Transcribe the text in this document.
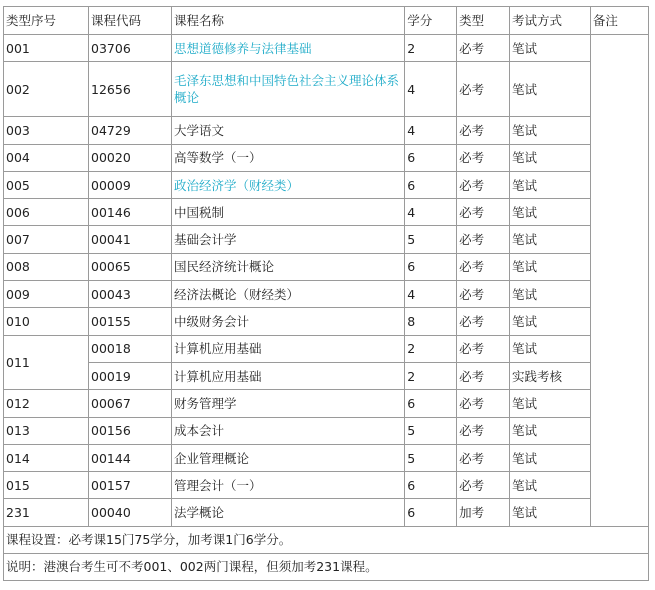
类型序号	课程代码	课程名称	学分	类型	考试方式	备注
001	03706	思想道德修养与法律基础	2	必考	笔试	
002	12656	毛泽东思想和中国特色社会主义理论体系概论	4	必考	笔试	
003	04729	大学语文	4	必考	笔试	
004	00020	高等数学（一）	6	必考	笔试	
005	00009	政治经济学（财经类）	6	必考	笔试	
006	00146	中国税制	4	必考	笔试	
007	00041	基础会计学	5	必考	笔试	
008	00065	国民经济统计概论	6	必考	笔试	
009	00043	经济法概论（财经类）	4	必考	笔试	
010	00155	中级财务会计	8	必考	笔试	
011	00018	计算机应用基础	2	必考	笔试	
	00019	计算机应用基础	2	必考	实践考核	
012	00067	财务管理学	6	必考	笔试	
013	00156	成本会计	5	必考	笔试	
014	00144	企业管理概论	5	必考	笔试	
015	00157	管理会计（一）	6	必考	笔试	
231	00040	法学概论	6	加考	笔试	
课程设置：必考课15门75学分，加考课1门6学分。						
说明：港澳台考生可不考001、002两门课程，但须加考231课程。						
